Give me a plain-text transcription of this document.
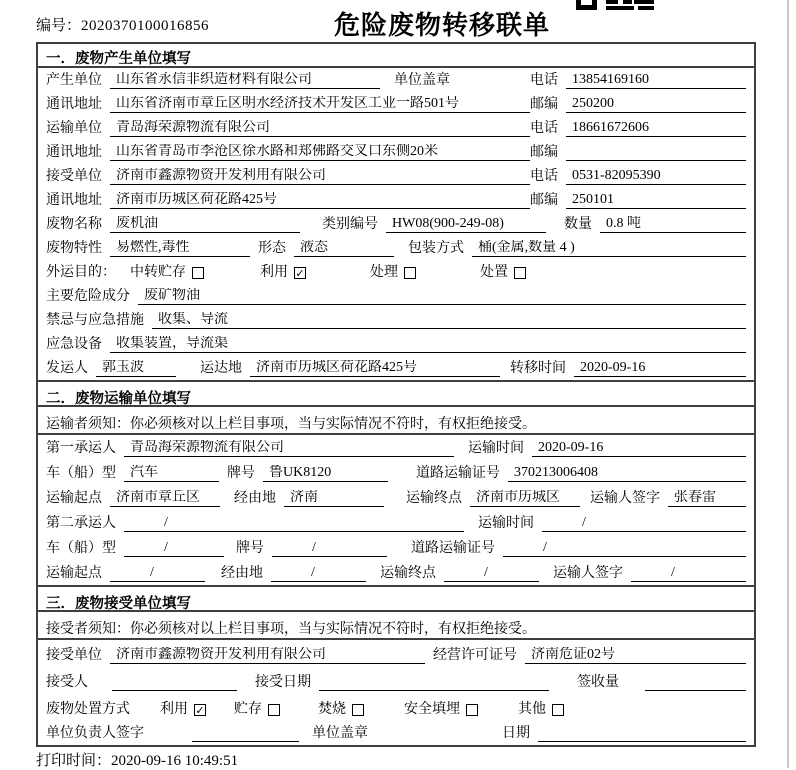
编号：2020370100016856	危险废物转移联单
一．废物产生单位填写
产生单位	山东省永信非织造材料有限公司	单位盖章	电话	13854169160
通讯地址	山东省济南市章丘区明水经济技术开发区工业一路501号	邮编	250200
运输单位	青岛海荣源物流有限公司	电话	18661672606
通讯地址	山东省青岛市李沧区徐水路和郑佛路交叉口东侧20米	邮编
接受单位	济南市鑫源物资开发利用有限公司	电话	0531-82095390
通讯地址	济南市历城区荷花路425号	邮编	250101
废物名称	废机油	类别编号	HW08(900-249-08)	数量	0.8 吨
废物特性	易燃性,毒性	形态	液态	包装方式	桶(金属,数量 4 )
外运目的： 中转贮存	利用 ✓	处理	处置
主要危险成分	废矿物油
禁忌与应急措施	收集、导流
应急设备	收集装置，导流渠
发运人	郭玉波	运达地	济南市历城区荷花路425号	转移时间	2020-09-16
二．废物运输单位填写
运输者须知：你必须核对以上栏目事项，当与实际情况不符时，有权拒绝接受。
第一承运人	青岛海荣源物流有限公司	运输时间	2020-09-16
车（船）型	汽车	牌号	鲁UK8120	道路运输证号	370213006408
运输起点	济南市章丘区	经由地	济南	运输终点	济南市历城区	运输人签字	张春雷
第二承运人	/	运输时间	/
车（船）型	/	牌号	/	道路运输证号	/
运输起点	/	经由地	/	运输终点	/	运输人签字	/
三．废物接受单位填写
接受者须知：你必须核对以上栏目事项，当与实际情况不符时，有权拒绝接受。
接受单位	济南市鑫源物资开发利用有限公司	经营许可证号	济南危证02号
接受人	接受日期	签收量
废物处置方式 利用 ✓ 贮存	焚烧	安全填埋	其他
单位负责人签字	单位盖章	日期
打印时间：2020-09-16 10:49:51
